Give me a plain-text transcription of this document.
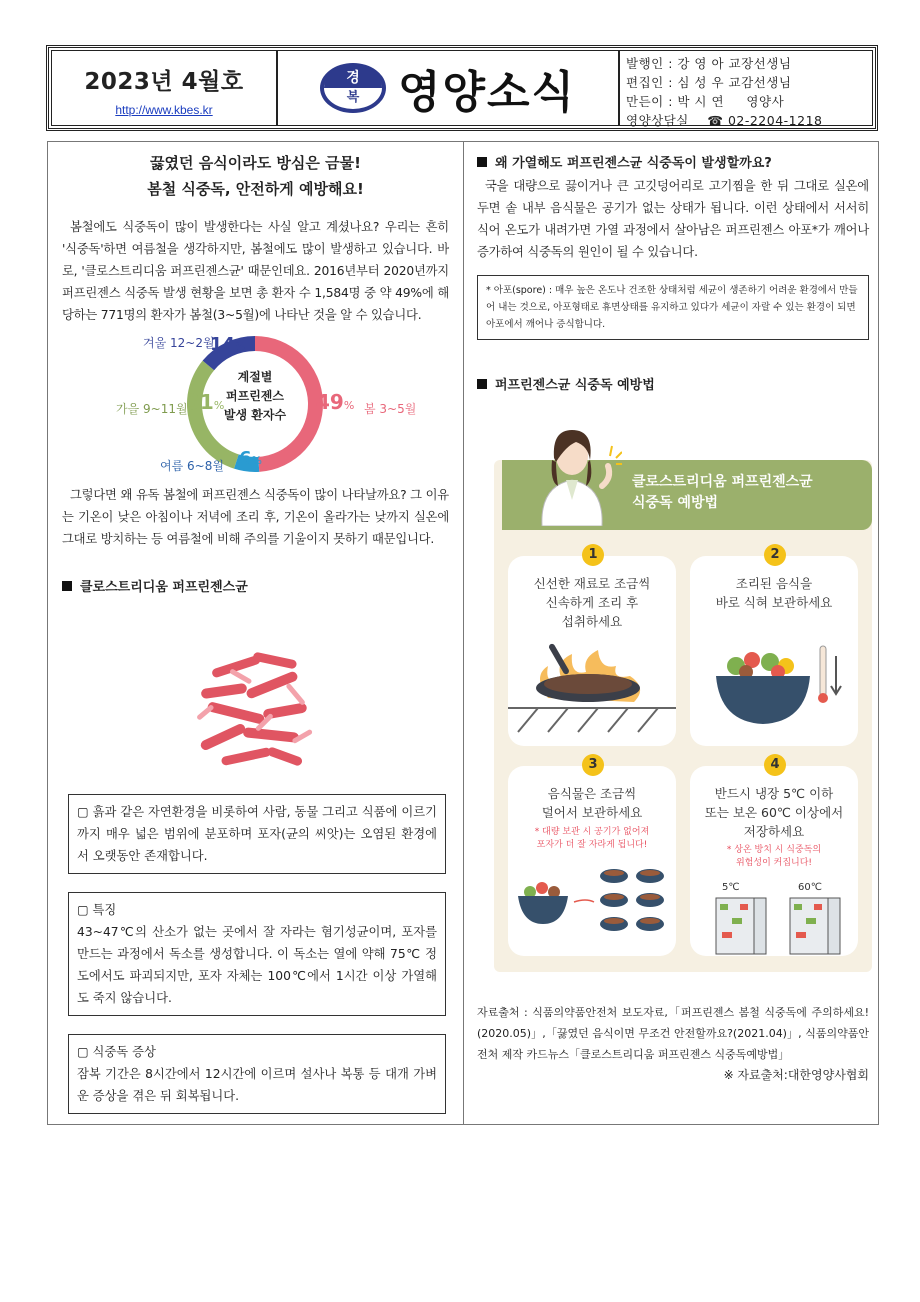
2023년 4월호
http://www.kbes.kr
경
복 영양소식
발행인 : 강 영 아 교장선생님
편집인 : 심 성 우 교감선생님
만든이 : 박 시 연     영양사
영양상담실 ☎ 02-2204-1218
끓였던 음식이라도 방심은 금물!
봄철 식중독, 안전하게 예방해요!

봄철에도 식중독이 많이 발생한다는 사실 알고 계셨나요? 우리는 흔히 '식중독'하면 여름철을 생각하지만, 봄철에도 많이 발생하고 있습니다. 바로, '클로스트리디움 퍼프린젠스균' 때문인데요. 2016년부터 2020년까지 퍼프린젠스 식중독 발생 현황을 보면 총 환자 수 1,584명 중 약 49%에 해당하는 771명의 환자가 봄철(3~5월)에 나타난 것을 알 수 있습니다.

계절별
퍼프린젠스
발생 환자수
49% 봄 3~5월
6%
여름 6~8월
31%
가을 9~11월
14%
겨울 12~2월

그렇다면 왜 유독 봄철에 퍼프린젠스 식중독이 많이 나타날까요? 그 이유는 기온이 낮은 아침이나 저녁에 조리 후, 기온이 올라가는 낮까지 실온에 그대로 방치하는 등 여름철에 비해 주의를 기울이지 못하기 때문입니다.

클로스트리디움 퍼프린젠스균
▢ 흙과 같은 자연환경을 비롯하여 사람, 동물 그리고 식품에 이르기까지 매우 넓은 범위에 분포하며 포자(균의 씨앗)는 오염된 환경에서 오랫동안 존재합니다.
▢ 특징
43~47℃의 산소가 없는 곳에서 잘 자라는 혐기성균이며, 포자를 만드는 과정에서 독소를 생성합니다. 이 독소는 열에 약해 75℃ 정도에서도 파괴되지만, 포자 자체는 100℃에서 1시간 이상 가열해도 죽지 않습니다.
▢ 식중독 증상
잠복 기간은 8시간에서 12시간에 이르며 설사나 복통 등 대개 가벼운 증상을 겪은 뒤 회복됩니다.
왜 가열해도 퍼프린젠스균 식중독이 발생할까요?

국을 대량으로 끓이거나 큰 고깃덩어리로 고기찜을 한 뒤 그대로 실온에 두면 솥 내부 음식물은 공기가 없는 상태가 됩니다. 이런 상태에서 서서히 식어 온도가 내려가면 가열 과정에서 살아남은 퍼프린젠스 아포*가 깨어나 증가하여 식중독의 원인이 될 수 있습니다.

* 아포(spore) : 매우 높은 온도나 건조한 상태처럼 세균이 생존하기 어려운 환경에서 만들어 내는 것으로, 아포형태로 휴면상태를 유지하고 있다가 세균이 자랄 수 있는 환경이 되면 아포에서 깨어나 증식합니다.
퍼프린젠스균 식중독 예방법
클로스트리디움 퍼프린젠스균
식중독 예방법
1
신선한 재료로 조금씩
신속하게 조리 후
섭취하세요
2
조리된 음식을
바로 식혀 보관하세요
3
음식물은 조금씩
덜어서 보관하세요
* 대량 보관 시 공기가 없어져
포자가 더 잘 자라게 됩니다!
4
반드시 냉장 5℃ 이하
또는 보온 60℃ 이상에서
저장하세요
* 상온 방치 시 식중독의
위험성이 커집니다!
5℃	60℃

자료출처 : 식품의약품안전처 보도자료,「퍼프린젠스 봄철 식중독에 주의하세요!(2020.05)」,「끓였던 음식이면 무조건 안전할까요?(2021.04)」, 식품의약품안전처 제작 카드뉴스「클로스트리디움 퍼프린젠스 식중독예방법」

※ 자료출처:대한영양사협회
